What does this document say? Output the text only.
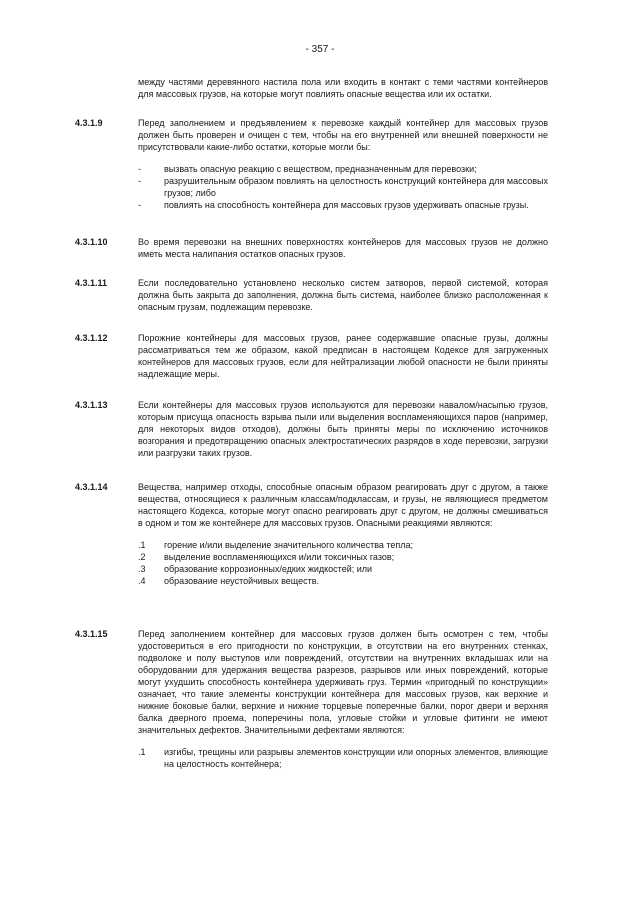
- 357 -

между частями деревянного настила пола или входить в контакт с теми частями контейнеров для массовых грузов, на которые могут повлиять опасные вещества или их остатки.

4.3.1.9	Перед заполнением и предъявлением к перевозке каждый контейнер для массовых грузов должен быть проверен и очищен с тем, чтобы на его внутренней или внешней поверхности не присутствовали какие-либо остатки, которые могли бы:

-	вызвать опасную реакцию с веществом, предназначенным для перевозки;
-	разрушительным образом повлиять на целостность конструкций контейнера для массовых грузов; либо
-	повлиять на способность контейнера для массовых грузов удерживать опасные грузы.
4.3.1.10	Во время перевозки на внешних поверхностях контейнеров для массовых грузов не должно иметь места налипания остатков опасных грузов.

4.3.1.11	Если последовательно установлено несколько систем затворов, первой системой, которая должна быть закрыта до заполнения, должна быть система, наиболее близко расположенная к опасным грузам, подлежащим перевозке.

4.3.1.12	Порожние контейнеры для массовых грузов, ранее содержавшие опасные грузы, должны рассматриваться тем же образом, какой предписан в настоящем Кодексе для загруженных контейнеров для массовых грузов, если для нейтрализации любой опасности не были приняты надлежащие меры.

4.3.1.13	Если контейнеры для массовых грузов используются для перевозки навалом/насыпью грузов, которым присуща опасность взрыва пыли или выделения воспламеняющихся паров (например, для некоторых видов отходов), должны быть приняты меры по исключению источников возгорания и предотвращению опасных электростатических разрядов в ходе перевозки, загрузки или разгрузки таких грузов.

4.3.1.14	Вещества, например отходы, способные опасным образом реагировать друг с другом, а также вещества, относящиеся к различным классам/подклассам, и грузы, не являющиеся предметом настоящего Кодекса, которые могут опасно реагировать друг с другом, не должны смешиваться в одном и том же контейнере для массовых грузов. Опасными реакциями являются:

.1 горение и/или выделение значительного количества тепла;
.2 выделение воспламеняющихся и/или токсичных газов;
.3 образование коррозионных/едких жидкостей; или
.4 образование неустойчивых веществ.
4.3.1.15	Перед заполнением контейнер для массовых грузов должен быть осмотрен с тем, чтобы удостовериться в его пригодности по конструкции, в отсутствии на его внутренних стенках, подволоке и полу выступов или повреждений, отсутствии на внутренних вкладышах или на оборудовании для удержания вещества разрезов, разрывов или иных повреждений, которые могут ухудшить способность контейнера удерживать груз. Термин «пригодный по конструкции» означает, что такие элементы конструкции контейнера для массовых грузов, как верхние и нижние боковые балки, верхние и нижние торцевые поперечные балки, порог двери и верхняя балка дверного проема, поперечины пола, угловые стойки и угловые фитинги не имеют значительных дефектов. Значительными дефектами являются:

.1 изгибы, трещины или разрывы элементов конструкции или опорных элементов, влияющие на целостность контейнера;
